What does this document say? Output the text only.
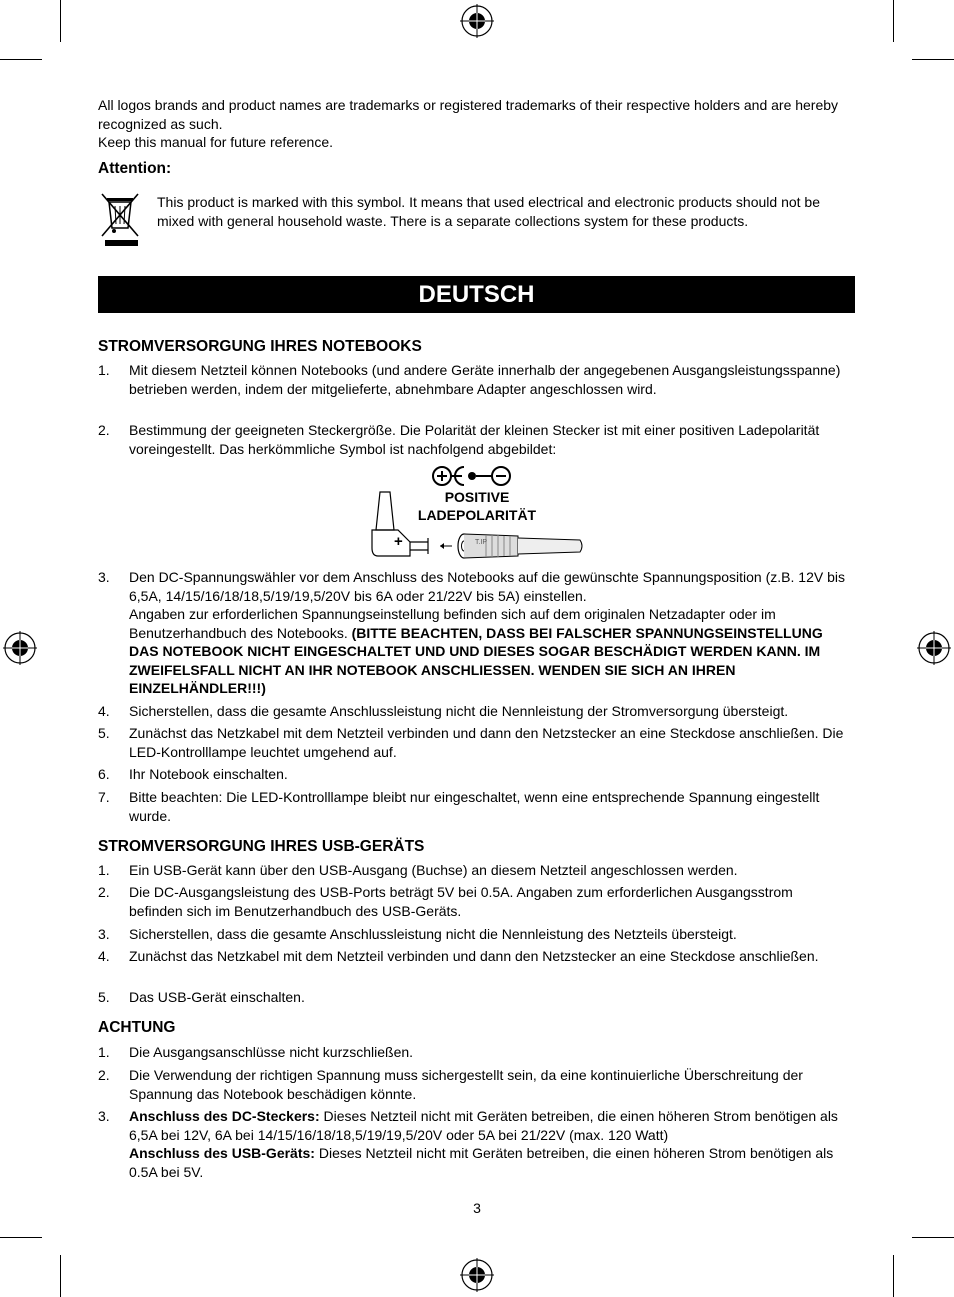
All logos brands and product names are trademarks or registered trademarks of their respective holders and are hereby recognized as such.
Keep this manual for future reference.
Attention:
This product is marked with this symbol. It means that used electrical and electronic products should not be mixed with general household waste. There is a separate collections system for these products.
DEUTSCH
STROMVERSORGUNG IHRES NOTEBOOKS
1.	Mit diesem Netzteil können Notebooks (und andere Geräte innerhalb der angegebenen Ausgangsleistungsspanne) betrieben werden, indem der mitgelieferte, abnehmbare Adapter angeschlossen wird.
2.	Bestimmung der geeigneten Steckergröße. Die Polarität der kleinen Stecker ist mit einer positiven Ladepolarität voreingestellt. Das herkömmliche Symbol ist nachfolgend abgebildet:
POSITIVE
LADEPOLARITÄT
+	T.IP
3.	Den DC-Spannungswähler vor dem Anschluss des Notebooks auf die gewünschte Spannungsposition (z.B. 12V bis 6,5A, 14/15/16/18/18,5/19/19,5/20V bis 6A oder 21/22V bis 5A) einstellen.
Angaben zur erforderlichen Spannungseinstellung befinden sich auf dem originalen Netzadapter oder im Benutzerhandbuch des Notebooks. (BITTE BEACHTEN, DASS BEI FALSCHER SPANNUNGSEINSTELLUNG DAS NOTEBOOK NICHT EINGESCHALTET UND UND DIESES SOGAR BESCHÄDIGT WERDEN KANN. IM ZWEIFELSFALL NICHT AN IHR NOTEBOOK ANSCHLIESSEN. WENDEN SIE SICH AN IHREN EINZELHÄNDLER!!!)
4.	Sicherstellen, dass die gesamte Anschlussleistung nicht die Nennleistung der Stromversorgung übersteigt.
5.	Zunächst das Netzkabel mit dem Netzteil verbinden und dann den Netzstecker an eine Steckdose anschließen. Die LED-Kontrolllampe leuchtet umgehend auf.
6.	Ihr Notebook einschalten.
7.	Bitte beachten: Die LED-Kontrolllampe bleibt nur eingeschaltet, wenn eine entsprechende Spannung eingestellt wurde.
STROMVERSORGUNG IHRES USB-GERÄTS
1.	Ein USB-Gerät kann über den USB-Ausgang (Buchse) an diesem Netzteil angeschlossen werden.
2.	Die DC-Ausgangsleistung des USB-Ports beträgt 5V bei 0.5A. Angaben zum erforderlichen Ausgangsstrom befinden sich im Benutzerhandbuch des USB-Geräts.
3.	Sicherstellen, dass die gesamte Anschlussleistung nicht die Nennleistung des Netzteils übersteigt.
4.	Zunächst das Netzkabel mit dem Netzteil verbinden und dann den Netzstecker an eine Steckdose anschließen.
5.	Das USB-Gerät einschalten.
ACHTUNG
1.	Die Ausgangsanschlüsse nicht kurzschließen.
2.	Die Verwendung der richtigen Spannung muss sichergestellt sein, da eine kontinuierliche Überschreitung der Spannung das Notebook beschädigen könnte.
3.	Anschluss des DC-Steckers: Dieses Netzteil nicht mit Geräten betreiben, die einen höheren Strom benötigen als 6,5A bei 12V, 6A bei 14/15/16/18/18,5/19/19,5/20V oder 5A bei 21/22V (max. 120 Watt)
Anschluss des USB-Geräts: Dieses Netzteil nicht mit Geräten betreiben, die einen höheren Strom benötigen als 0.5A bei 5V.
3
